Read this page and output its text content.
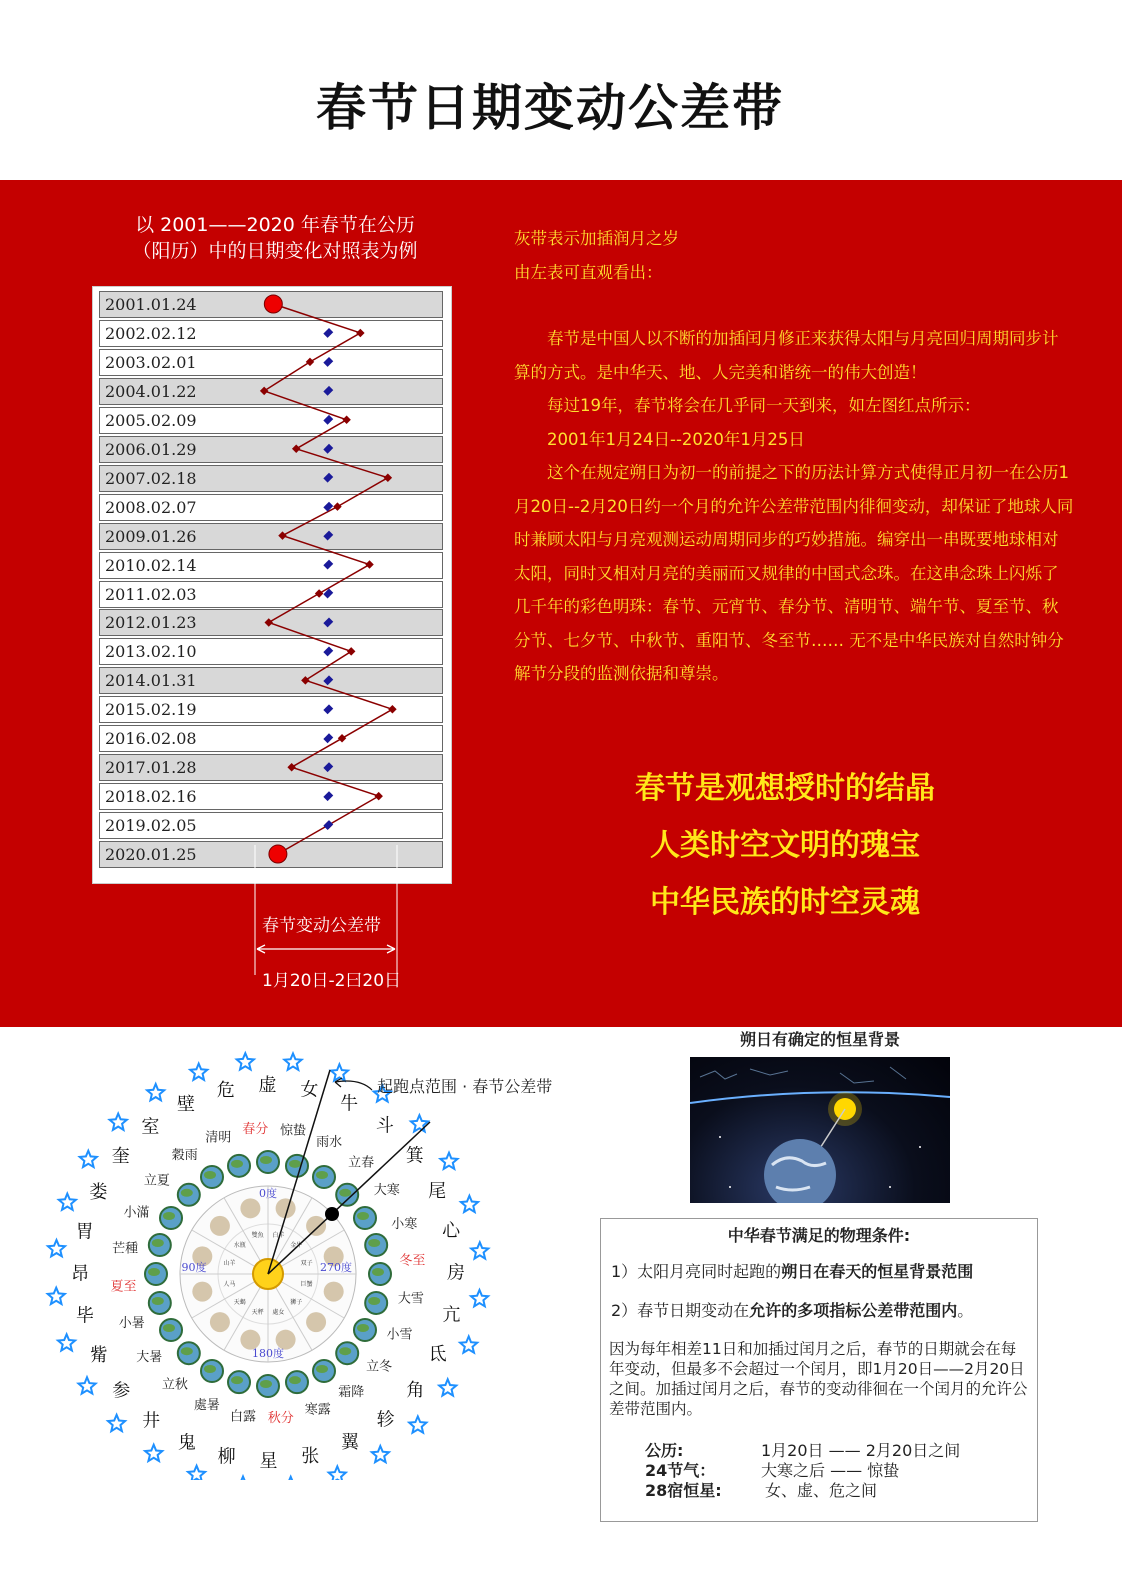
春节日期变动公差带
以 2001——2020 年春节在公历
（阳历）中的日期变化对照表为例
2001.01.24
2002.02.12
2003.02.01
2004.01.22
2005.02.09
2006.01.29
2007.02.18
2008.02.07
2009.01.26
2010.02.14
2011.02.03
2012.01.23
2013.02.10
2014.01.31
2015.02.19
2016.02.08
2017.01.28
2018.02.16
2019.02.05
2020.01.25
春节变动公差带
1月20日-2曰20日

灰带表示加插润月之岁

由左表可直观看出：

　　春节是中国人以不断的加插闰月修正来获得太阳与月亮回归周期同步计算的方式。是中华天、地、人完美和谐统一的伟大创造！

　　每过19年，春节将会在几乎同一天到来，如左图红点所示：

　　2001年1月24日--2020年1月25日

　　这个在规定朔日为初一的前提之下的历法计算方式使得正月初一在公历1月20日--2月20日约一个月的允许公差带范围内徘徊变动，却保证了地球人同时兼顾太阳与月亮观测运动周期同步的巧妙措施。编穿出一串既要地球相对太阳，同时又相对月亮的美丽而又规律的中国式念珠。在这串念珠上闪烁了几千年的彩色明珠：春节、元宵节、春分节、清明节、端午节、夏至节、秋分节、七夕节、中秋节、重阳节、冬至节…… 无不是中华民族对自然时钟分解节分段的监测依据和尊崇。

春节是观想授时的结晶
人类时空文明的瑰宝
中华民族的时空灵魂
白羊
金牛
双子
巨蟹
狮子
處女
天秤
天蝎
人马
山羊
水瓶
雙魚
0度
270度
180度
90度
清明
春分 惊蛰
雨水
立春
大寒
小寒
冬至
大雪
小雪
立冬
霜降
寒露
秋分
白露
處暑
立秋
大暑
小暑
夏至
芒種
小滿
立夏
穀雨
奎
室
壁
危 虚 女
牛
斗
箕
尾
心
房
亢
氐
角
轸
翼
张
星
柳
鬼
井
参
觜
毕
昂
胃
娄
起跑点范围 · 春节公差带
朔日有确定的恒星背景
中华春节满足的物理条件:
1）太阳月亮同时起跑的朔日在春天的恒星背景范围
2）春节日期变动在允许的多项指标公差带范围内。
因为每年相差11日和加插过闰月之后，春节的日期就会在每年变动，但最多不会超过一个闰月，即1月20日——2月20日之间。加插过闰月之后，春节的变动徘徊在一个闰月的允许公差带范围内。
公历:	1月20日 —— 2月20日之间
24节气：	大寒之后 —— 惊蛰
28宿恒星:	女、虚、危之间
